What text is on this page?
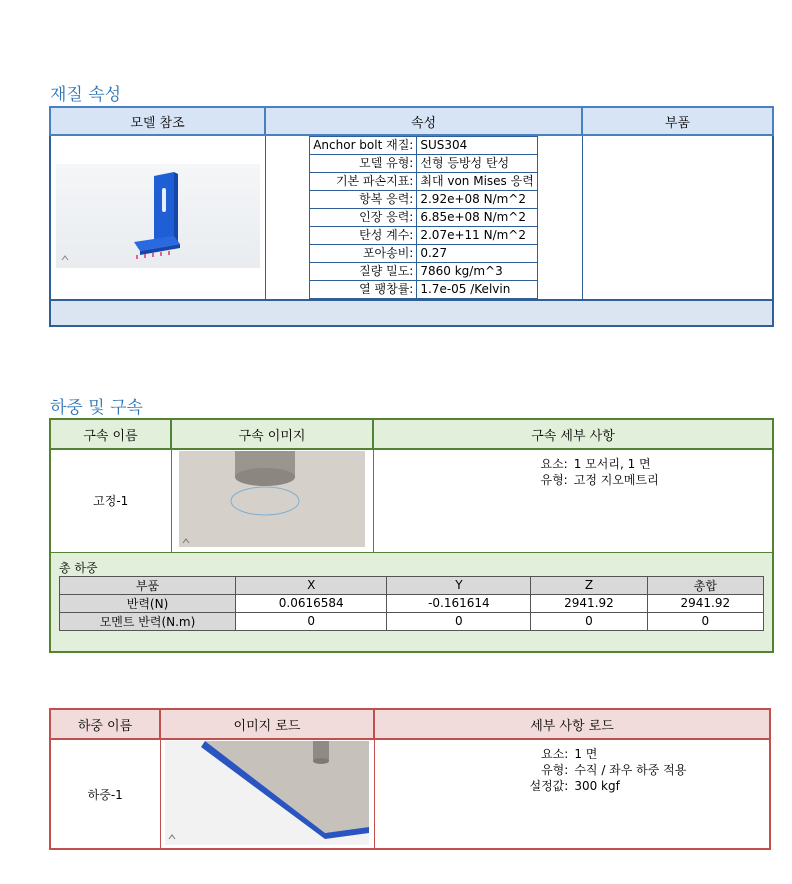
재질 속성
모델 참조	속성	부품

Anchor bolt 재질:	SUS304
모델 유형:	선형 등방성 탄성
기본 파손지표:	최대 von Mises 응력
항복 응력:	2.92e+08 N/m^2
인장 응력:	6.85e+08 N/m^2
탄성 계수:	2.07e+11 N/m^2
포아송비:	0.27
질량 밀도:	7860 kg/m^3
열 팽창률:	1.7e-05 /Kelvin

하중 및 구속
구속 이름	구속 이미지	구속 세부 사항
고정-1		
요소:	1 모서리, 1 면
유형:	고정 지오메트리

총 하중
부품	X	Y	Z	총합
반력(N)	0.0616584	-0.161614	2941.92	2941.92
모멘트 반력(N.m)	0	0	0	0
하중 이름	이미지 로드	세부 사항 로드
하중-1		
요소:	1 면
유형:	수직 / 좌우 하중 적용
설정값:	300 kgf
